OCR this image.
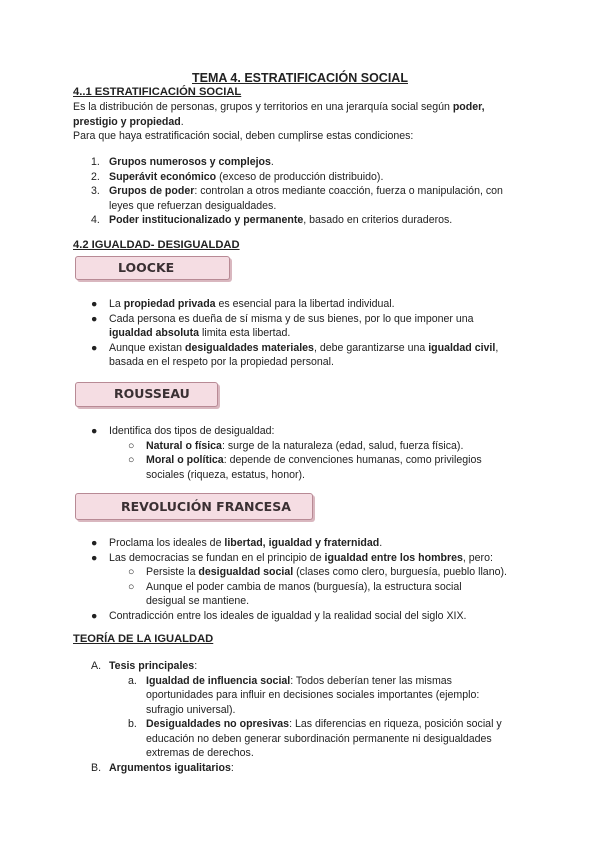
TEMA 4. ESTRATIFICACIÓN SOCIAL
4..1 ESTRATIFICACIÓN SOCIAL
Es la distribución de personas, grupos y territorios en una jerarquía social según poder,
prestigio y propiedad.
Para que haya estratificación social, deben cumplirse estas condiciones:
1. Grupos numerosos y complejos.
2. Superávit económico (exceso de producción distribuido).
3. Grupos de poder: controlan a otros mediante coacción, fuerza o manipulación, con
leyes que refuerzan desigualdades.
4. Poder institucionalizado y permanente, basado en criterios duraderos.
4.2 IGUALDAD- DESIGUALDAD
LOOCKE
● La propiedad privada es esencial para la libertad individual.
● Cada persona es dueña de sí misma y de sus bienes, por lo que imponer una
igualdad absoluta limita esta libertad.
● Aunque existan desigualdades materiales, debe garantizarse una igualdad civil,
basada en el respeto por la propiedad personal.
ROUSSEAU
● Identifica dos tipos de desigualdad:
○ Natural o física: surge de la naturaleza (edad, salud, fuerza física).
○ Moral o política: depende de convenciones humanas, como privilegios
sociales (riqueza, estatus, honor).
REVOLUCIÓN FRANCESA
● Proclama los ideales de libertad, igualdad y fraternidad.
● Las democracias se fundan en el principio de igualdad entre los hombres, pero:
○ Persiste la desigualdad social (clases como clero, burguesía, pueblo llano).
○ Aunque el poder cambia de manos (burguesía), la estructura social
desigual se mantiene.
● Contradicción entre los ideales de igualdad y la realidad social del siglo XIX.
TEORÍA DE LA IGUALDAD
A. Tesis principales:
a. Igualdad de influencia social: Todos deberían tener las mismas
oportunidades para influir en decisiones sociales importantes (ejemplo:
sufragio universal).
b. Desigualdades no opresivas: Las diferencias en riqueza, posición social y
educación no deben generar subordinación permanente ni desigualdades
extremas de derechos.
B. Argumentos igualitarios:
